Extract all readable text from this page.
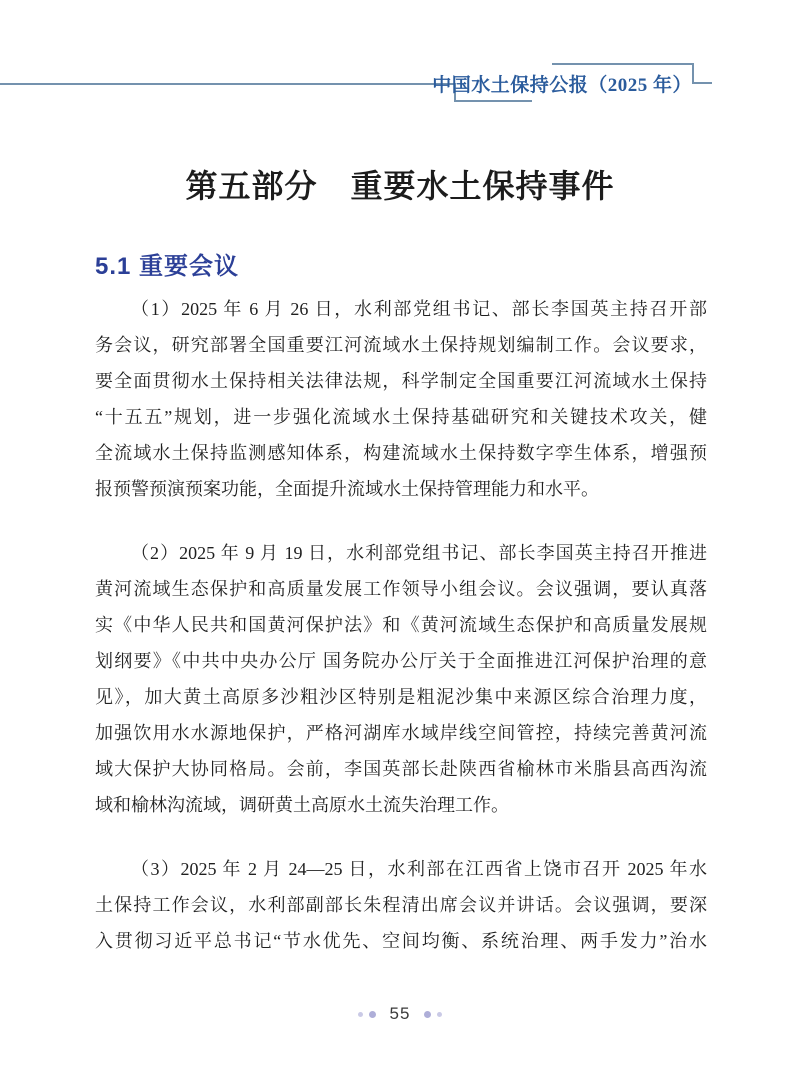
中国水土保持公报（2025 年）
第五部分　重要水土保持事件
5.1 重要会议

（1）2025 年 6 月 26 日，水利部党组书记、部长李国英主持召开部
务会议，研究部署全国重要江河流域水土保持规划编制工作。会议要求，
要全面贯彻水土保持相关法律法规，科学制定全国重要江河流域水土保持
“十五五”规划，进一步强化流域水土保持基础研究和关键技术攻关，健
全流域水土保持监测感知体系，构建流域水土保持数字孪生体系，增强预
报预警预演预案功能，全面提升流域水土保持管理能力和水平。

（2）2025 年 9 月 19 日，水利部党组书记、部长李国英主持召开推进
黄河流域生态保护和高质量发展工作领导小组会议。会议强调，要认真落
实《中华人民共和国黄河保护法》和《黄河流域生态保护和高质量发展规
划纲要》《中共中央办公厅 国务院办公厅关于全面推进江河保护治理的意
见》，加大黄土高原多沙粗沙区特别是粗泥沙集中来源区综合治理力度，
加强饮用水水源地保护，严格河湖库水域岸线空间管控，持续完善黄河流
域大保护大协同格局。会前，李国英部长赴陕西省榆林市米脂县高西沟流
域和榆林沟流域，调研黄土高原水土流失治理工作。

（3）2025 年 2 月 24—25 日，水利部在江西省上饶市召开 2025 年水
土保持工作会议，水利部副部长朱程清出席会议并讲话。会议强调，要深
入贯彻习近平总书记“节水优先、空间均衡、系统治理、两手发力”治水

55
